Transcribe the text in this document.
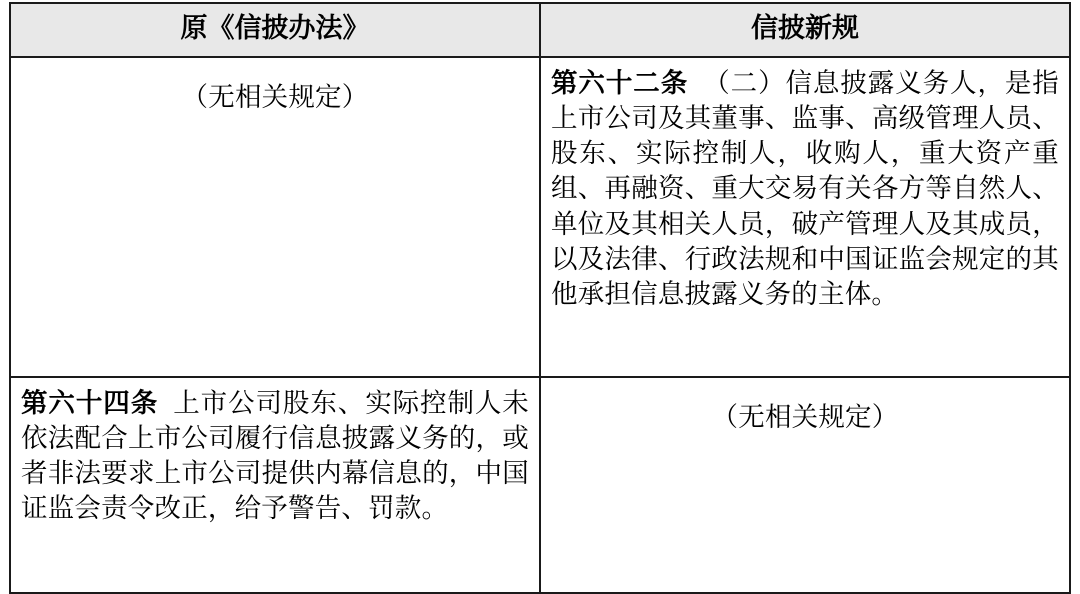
原《信披办法》	信披新规

（无相关规定）	第六十二条 （二）信息披露义务人，是指上市公司及其董事、监事、高级管理人员、股东、实际控制人，收购人，重大资产重组、再融资、重大交易有关各方等自然人、单位及其相关人员，破产管理人及其成员，以及法律、行政法规和中国证监会规定的其他承担信息披露义务的主体。

第六十四条 上市公司股东、实际控制人未依法配合上市公司履行信息披露义务的，或者非法要求上市公司提供内幕信息的，中国证监会责令改正，给予警告、罚款。	（无相关规定）
